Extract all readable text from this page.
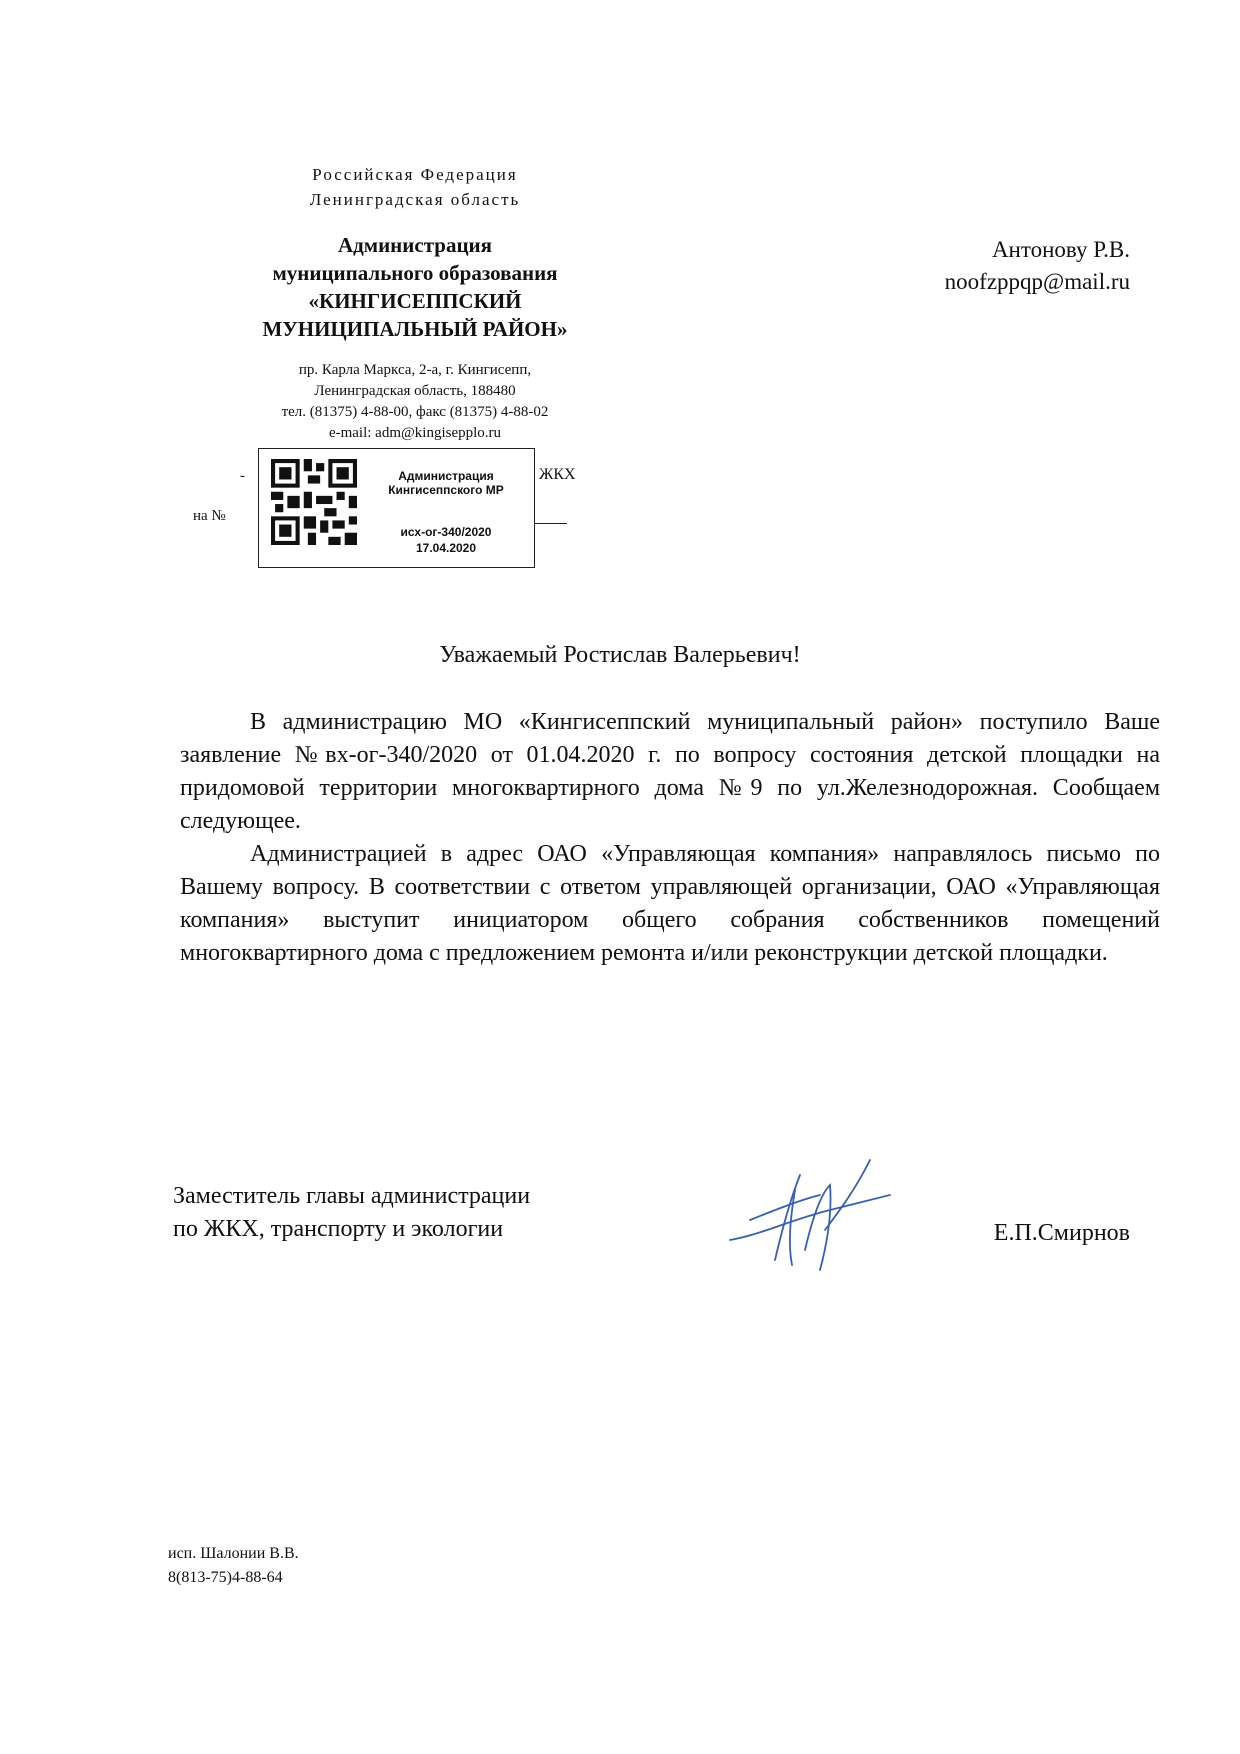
Российская Федерация
Ленинградская область
Администрация
муниципального образования
«КИНГИСЕППСКИЙ
МУНИЦИПАЛЬНЫЙ РАЙОН»
пр. Карла Маркса, 2-а, г. Кингисепп,
Ленинградская область, 188480
тел. (81375) 4-88-00, факс (81375) 4-88-02
e-mail: adm@kingisepplo.ru
-
на №
ЖКХ
Администрация
Кингисеппского МР
исх-ог-340/2020
17.04.2020
Антонову Р.В.
noofzppqp@mail.ru
Уважаемый Ростислав Валерьевич!

В администрацию МО «Кингисеппский муниципальный район» поступило Ваше заявление №вх-ог-340/2020 от 01.04.2020 г. по вопросу состояния детской площадки на придомовой территории многоквартирного дома №9 по ул.Железнодорожная. Сообщаем следующее.

Администрацией в адрес ОАО «Управляющая компания» направлялось письмо по Вашему вопросу. В соответствии с ответом управляющей организации, ОАО «Управляющая компания» выступит инициатором общего собрания собственников помещений многоквартирного дома с предложением ремонта и/или реконструкции детской площадки.

Заместитель главы администрации
по ЖКХ, транспорту и экологии	Е.П.Смирнов
исп. Шалонии В.В.
8(813-75)4-88-64
